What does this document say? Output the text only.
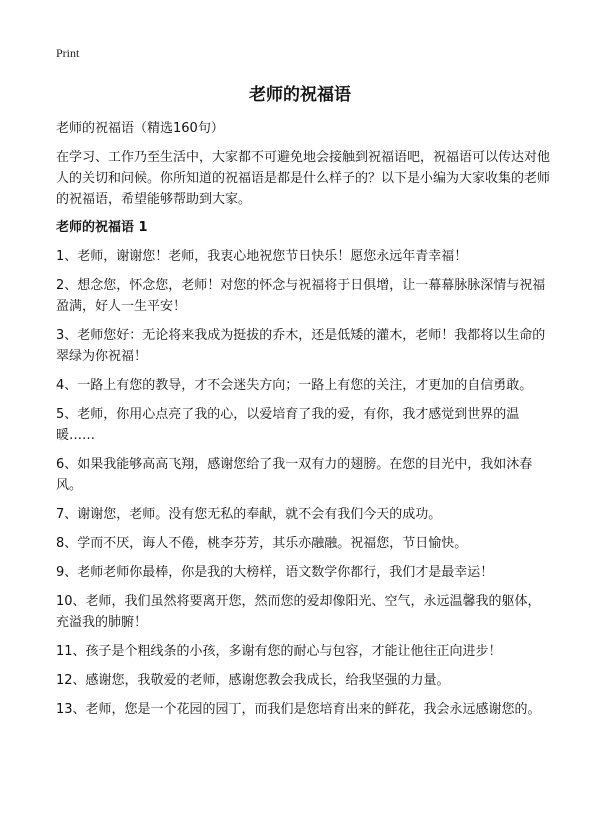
Print
老师的祝福语

老师的祝福语（精选160句）

在学习、工作乃至生活中，大家都不可避免地会接触到祝福语吧，祝福语可以传达对他人的关切和问候。你所知道的祝福语是都是什么样子的？以下是小编为大家收集的老师的祝福语，希望能够帮助到大家。

老师的祝福语 1

1、老师，谢谢您！老师，我衷心地祝您节日快乐！愿您永远年青幸福！

2、想念您，怀念您，老师！对您的怀念与祝福将于日俱增，让一幕幕脉脉深情与祝福盈满，好人一生平安！

3、老师您好：无论将来我成为挺拔的乔木，还是低矮的灌木，老师！我都将以生命的翠绿为你祝福！

4、一路上有您的教导，才不会迷失方向；一路上有您的关注，才更加的自信勇敢。

5、老师，你用心点亮了我的心，以爱培育了我的爱，有你，我才感觉到世界的温暖……

6、如果我能够高高飞翔，感谢您给了我一双有力的翅膀。在您的目光中，我如沐春风。

7、谢谢您，老师。没有您无私的奉献，就不会有我们今天的成功。

8、学而不厌，诲人不倦，桃李芬芳，其乐亦融融。祝福您，节日愉快。

9、老师老师你最棒，你是我的大榜样，语文数学你都行，我们才是最幸运！

10、老师，我们虽然将要离开您，然而您的爱却像阳光、空气，永远温馨我的躯体，充溢我的肺腑！

11、孩子是个粗线条的小孩，多谢有您的耐心与包容，才能让他往正向进步！

12、感谢您，我敬爱的老师，感谢您教会我成长，给我坚强的力量。

13、老师，您是一个花园的园丁，而我们是您培育出来的鲜花，我会永远感谢您的。
